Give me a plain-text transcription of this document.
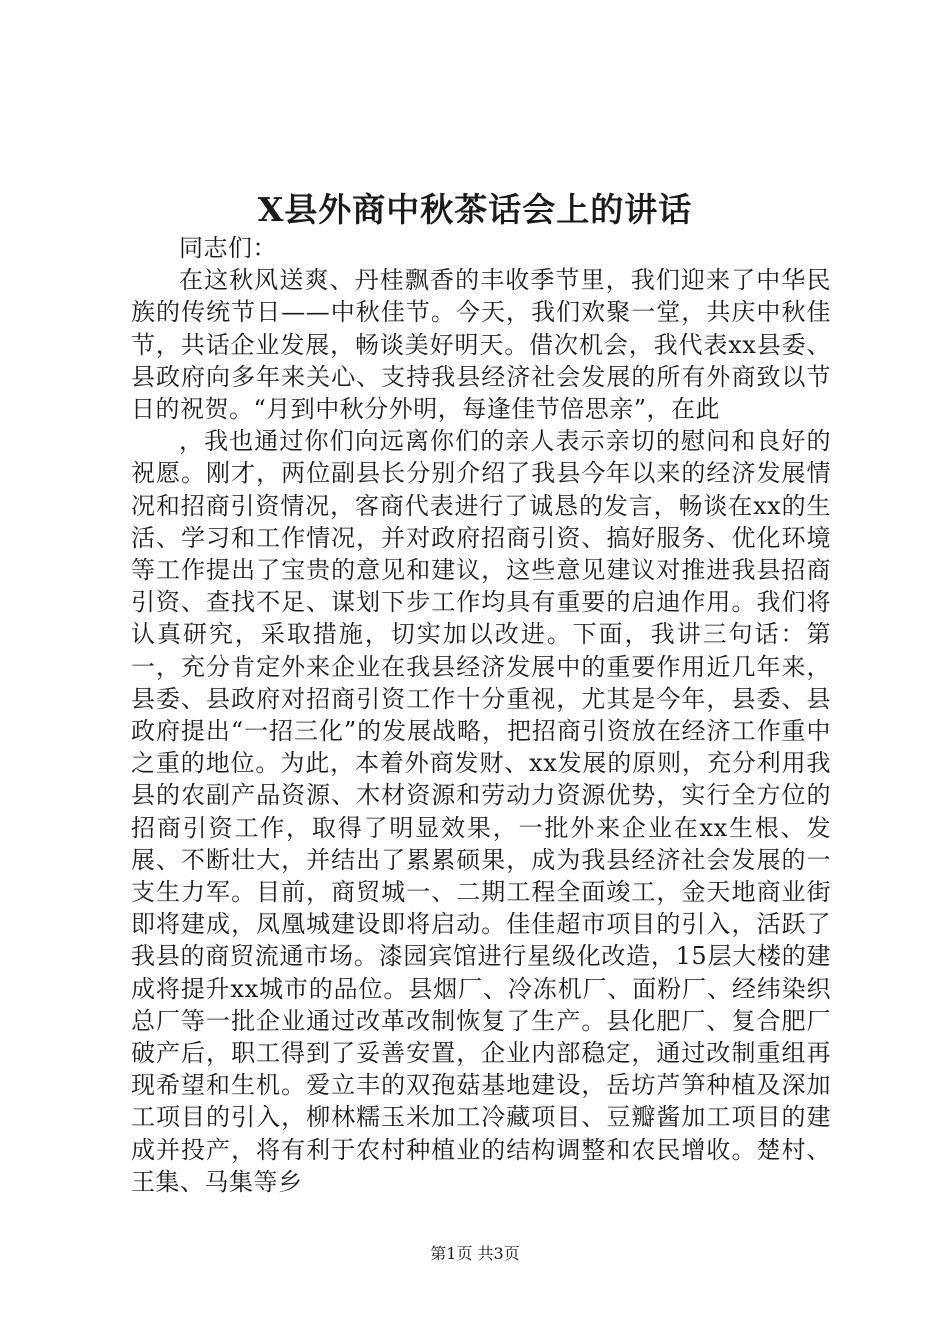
X县外商中秋茶话会上的讲话

同志们：

在这秋风送爽、丹桂飘香的丰收季节里，我们迎来了中华民族的传统节日——中秋佳节。今天，我们欢聚一堂，共庆中秋佳节，共话企业发展，畅谈美好明天。借次机会，我代表xx县委、县政府向多年来关心、支持我县经济社会发展的所有外商致以节日的祝贺。“月到中秋分外明，每逢佳节倍思亲”，在此

，我也通过你们向远离你们的亲人表示亲切的慰问和良好的祝愿。刚才，两位副县长分别介绍了我县今年以来的经济发展情况和招商引资情况，客商代表进行了诚恳的发言，畅谈在xx的生活、学习和工作情况，并对政府招商引资、搞好服务、优化环境等工作提出了宝贵的意见和建议，这些意见建议对推进我县招商引资、查找不足、谋划下步工作均具有重要的启迪作用。我们将认真研究，采取措施，切实加以改进。下面，我讲三句话：第一，充分肯定外来企业在我县经济发展中的重要作用近几年来，县委、县政府对招商引资工作十分重视，尤其是今年，县委、县政府提出“一招三化”的发展战略，把招商引资放在经济工作重中之重的地位。为此，本着外商发财、xx发展的原则，充分利用我县的农副产品资源、木材资源和劳动力资源优势，实行全方位的招商引资工作，取得了明显效果，一批外来企业在xx生根、发展、不断壮大，并结出了累累硕果，成为我县经济社会发展的一支生力军。目前，商贸城一、二期工程全面竣工，金天地商业街即将建成，凤凰城建设即将启动。佳佳超市项目的引入，活跃了我县的商贸流通市场。漆园宾馆进行星级化改造，15层大楼的建成将提升xx城市的品位。县烟厂、冷冻机厂、面粉厂、经纬染织总厂等一批企业通过改革改制恢复了生产。县化肥厂、复合肥厂破产后，职工得到了妥善安置，企业内部稳定，通过改制重组再现希望和生机。爱立丰的双孢菇基地建设，岳坊芦笋种植及深加工项目的引入，柳林糯玉米加工冷藏项目、豆瓣酱加工项目的建成并投产，将有利于农村种植业的结构调整和农民增收。楚村、王集、马集等乡

第1页 共3页
